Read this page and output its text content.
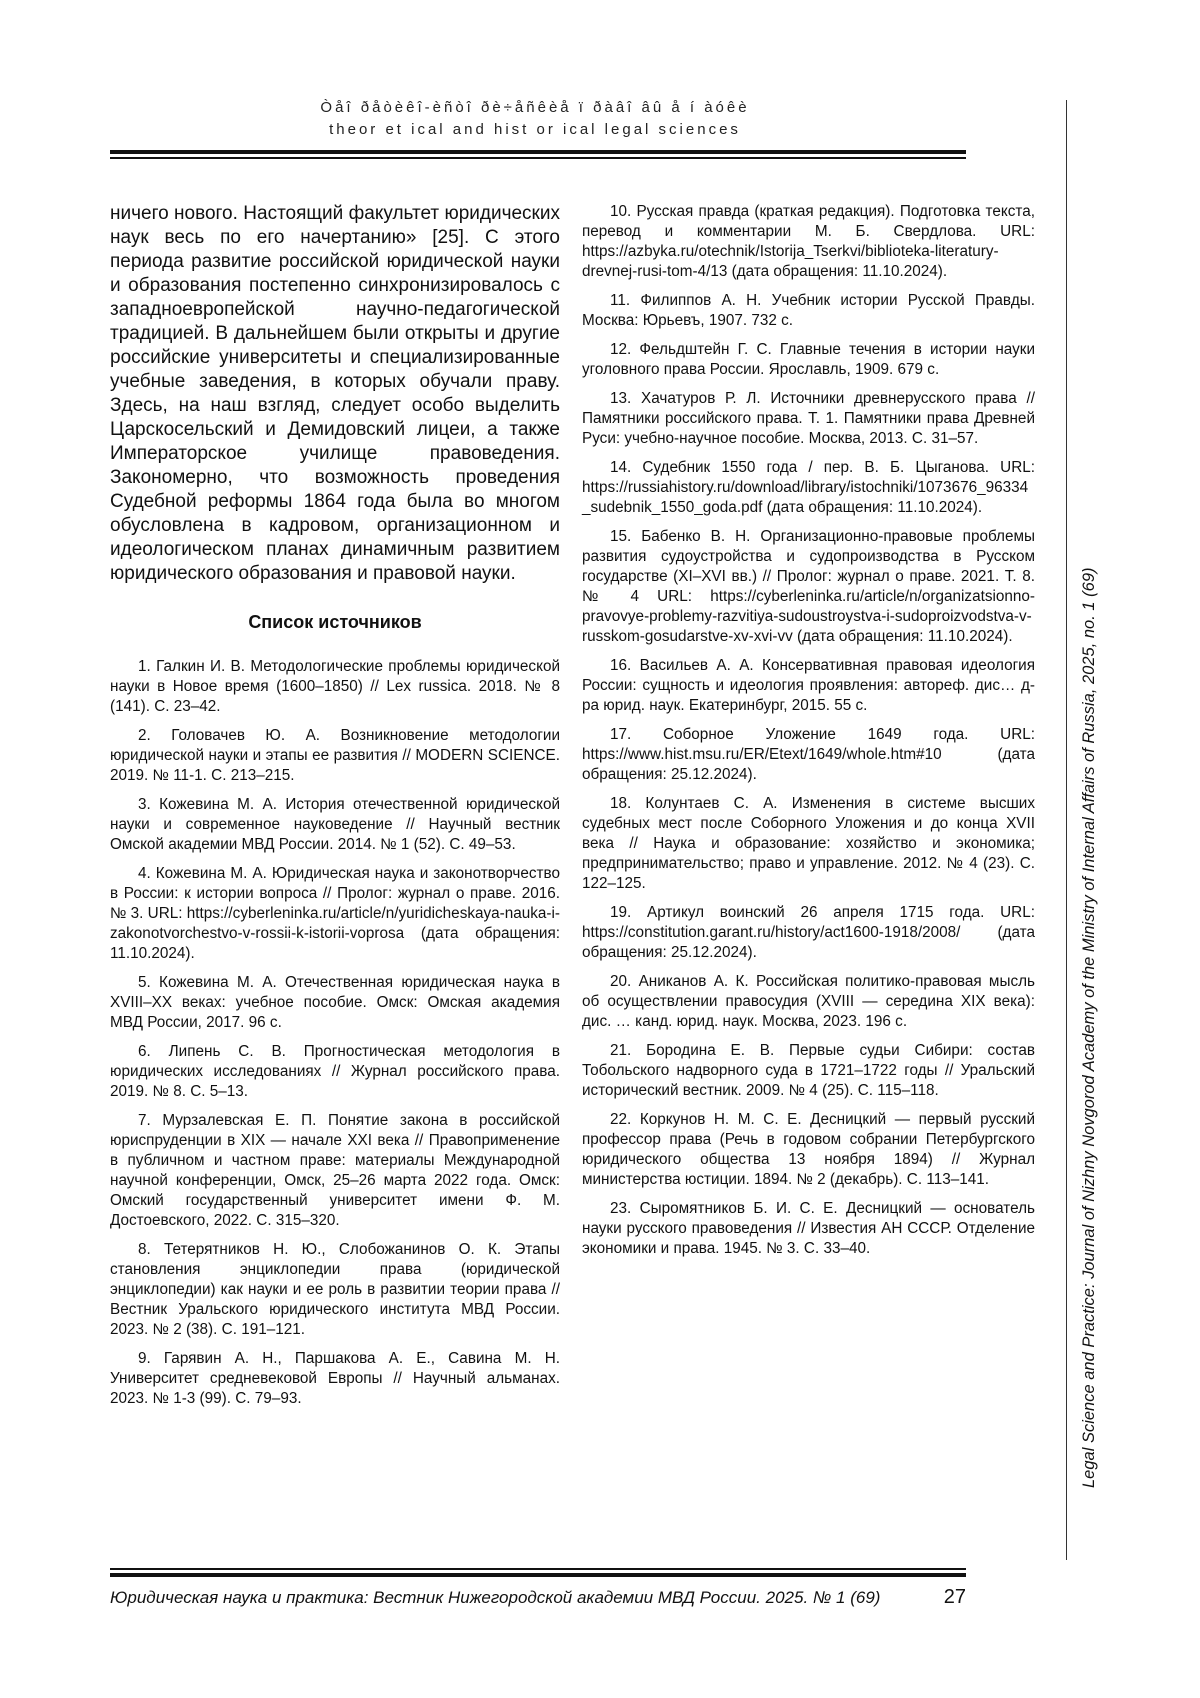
Òåî ðåòèêî-èñòî ðè÷åñêèå ï ðàâî âû å í àóêè
theor et ical and hist or ical legal sciences

ничего нового. Настоящий факультет юридических наук весь по его начертанию» [25]. С этого периода развитие российской юридической науки и образования постепенно синхронизировалось с западноевропейской научно-педагогической традицией. В дальнейшем были открыты и другие российские университеты и специализированные учебные заведения, в которых обучали праву. Здесь, на наш взгляд, следует особо выделить Царскосельский и Демидовский лицеи, а также Императорское училище правоведения. Закономерно, что возможность проведения Судебной реформы 1864 года была во многом обусловлена в кадровом, организационном и идеологическом планах динамичным развитием юридического образования и правовой науки.

Список источников

1. Галкин И. В. Методологические проблемы юридической науки в Новое время (1600–1850) // Lex russica. 2018. № 8 (141). С. 23–42.

2. Головачев Ю. А. Возникновение методологии юридической науки и этапы ее развития // MODERN SCIENCE. 2019. № 11-1. С. 213–215.

3. Кожевина М. А. История отечественной юридической науки и современное науковедение // Научный вестник Омской академии МВД России. 2014. № 1 (52). С. 49–53.

4. Кожевина М. А. Юридическая наука и законотворчество в России: к истории вопроса // Пролог: журнал о праве. 2016. № 3. URL: https://cyberleninka.ru/article/n/yuridicheskaya-nauka-i-zakonotvorchestvo-v-rossii-k-istorii-voprosa (дата обращения: 11.10.2024).

5. Кожевина М. А. Отечественная юридическая наука в XVIII–XX веках: учебное пособие. Омск: Омская академия МВД России, 2017. 96 с.

6. Липень С. В. Прогностическая методология в юридических исследованиях // Журнал российского права. 2019. № 8. С. 5–13.

7. Мурзалевская Е. П. Понятие закона в российской юриспруденции в XIX — начале XXI века // Правоприменение в публичном и частном праве: материалы Международной научной конференции, Омск, 25–26 марта 2022 года. Омск: Омский государственный университет имени Ф. М. Достоевского, 2022. С. 315–320.

8. Тетерятников Н. Ю., Слобожанинов О. К. Этапы становления энциклопедии права (юридической энциклопедии) как науки и ее роль в развитии теории права // Вестник Уральского юридического института МВД России. 2023. № 2 (38). С. 191–121.

9. Гарявин А. Н., Паршакова А. Е., Савина М. Н. Университет средневековой Европы // Научный альманах. 2023. № 1-3 (99). С. 79–93.

10. Русская правда (краткая редакция). Подготовка текста, перевод и комментарии М. Б. Свердлова. URL: https://azbyka.ru/otechnik/Istorija_Tserkvi/biblioteka-literatury-drevnej-rusi-tom-4/13 (дата обращения: 11.10.2024).

11. Филиппов А. Н. Учебник истории Русской Правды. Москва: Юрьевъ, 1907. 732 с.

12. Фельдштейн Г. С. Главные течения в истории науки уголовного права России. Ярославль, 1909. 679 с.

13. Хачатуров Р. Л. Источники древнерусского права // Памятники российского права. Т. 1. Памятники права Древней Руси: учебно-научное пособие. Москва, 2013. С. 31–57.

14. Судебник 1550 года / пер. В. Б. Цыганова. URL: https://russiahistory.ru/download/library/istochniki/1073676_96334_sudebnik_1550_goda.pdf (дата обращения: 11.10.2024).

15. Бабенко В. Н. Организационно-правовые проблемы развития судоустройства и судопроизводства в Русском государстве (XI–XVI вв.) // Пролог: журнал о праве. 2021. Т. 8. № 4 URL: https://cyberleninka.ru/article/n/organizatsionno-pravovye-problemy-razvitiya-sudoustroystva-i-sudoproizvodstva-v-russkom-gosudarstve-xv-xvi-vv (дата обращения: 11.10.2024).

16. Васильев А. А. Консервативная правовая идеология России: сущность и идеология проявления: автореф. дис… д-ра юрид. наук. Екатеринбург, 2015. 55 с.

17. Соборное Уложение 1649 года. URL: https://www.hist.msu.ru/ER/Etext/1649/whole.htm#10 (дата обращения: 25.12.2024).

18. Колунтаев С. А. Изменения в системе высших судебных мест после Соборного Уложения и до конца XVII века // Наука и образование: хозяйство и экономика; предпринимательство; право и управление. 2012. № 4 (23). С. 122–125.

19. Артикул воинский 26 апреля 1715 года. URL: https://constitution.garant.ru/history/act1600-1918/2008/ (дата обращения: 25.12.2024).

20. Аниканов А. К. Российская политико-правовая мысль об осуществлении правосудия (XVIII — середина XIX века): дис. … канд. юрид. наук. Москва, 2023. 196 с.

21. Бородина Е. В. Первые судьи Сибири: состав Тобольского надворного суда в 1721–1722 годы // Уральский исторический вестник. 2009. № 4 (25). С. 115–118.

22. Коркунов Н. М. С. Е. Десницкий — первый русский профессор права (Речь в годовом собрании Петербургского юридического общества 13 ноября 1894) // Журнал министерства юстиции. 1894. № 2 (декабрь). С. 113–141.

23. Сыромятников Б. И. С. Е. Десницкий — основатель науки русского правоведения // Известия АН СССР. Отделение экономики и права. 1945. № 3. С. 33–40.	Legal Science and Practice: Journal of Nizhny Novgorod Academy of the Ministry of Internal Affairs of Russia, 2025, no. 1 (69)
Юридическая наука и практика: Вестник Нижегородской академии МВД России. 2025. № 1 (69)	27
